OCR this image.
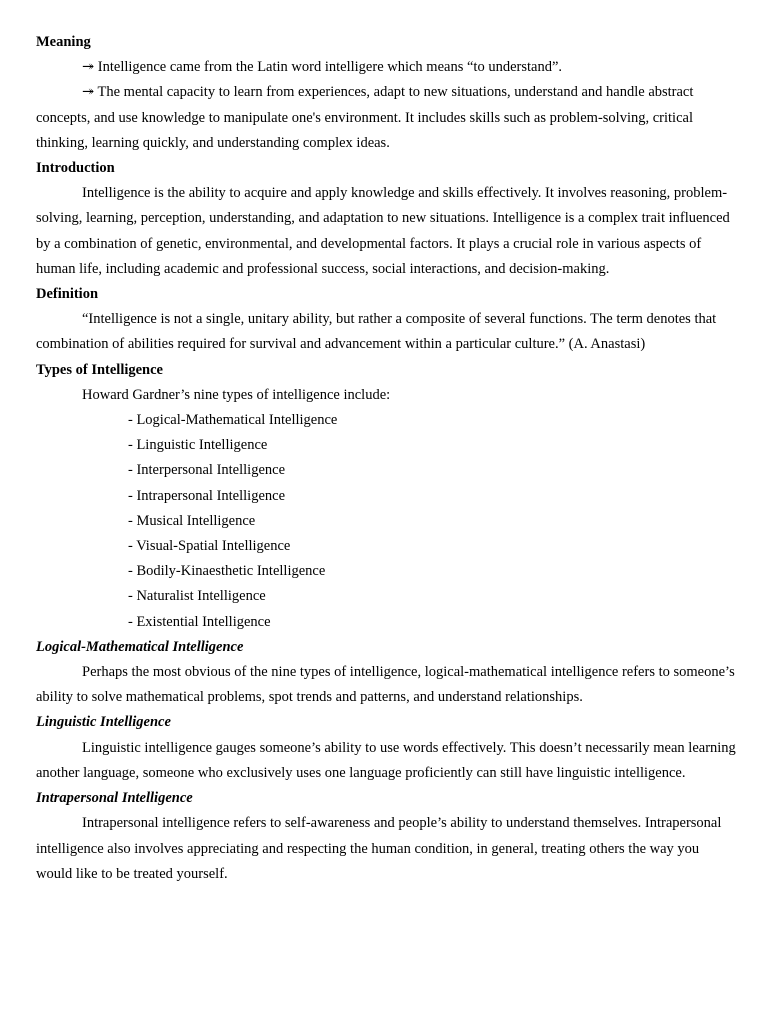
Meaning

↠ Intelligence came from the Latin word intelligere which means “to understand”.

↠ The mental capacity to learn from experiences, adapt to new situations, understand and handle abstract concepts, and use knowledge to manipulate one's environment. It includes skills such as problem-solving, critical thinking, learning quickly, and understanding complex ideas.

Introduction

Intelligence is the ability to acquire and apply knowledge and skills effectively. It involves reasoning, problem-solving, learning, perception, understanding, and adaptation to new situations. Intelligence is a complex trait influenced by a combination of genetic, environmental, and developmental factors. It plays a crucial role in various aspects of human life, including academic and professional success, social interactions, and decision-making.

Definition

“Intelligence is not a single, unitary ability, but rather a composite of several functions. The term denotes that combination of abilities required for survival and advancement within a particular culture.” (A. Anastasi)

Types of Intelligence

Howard Gardner’s nine types of intelligence include:

- Logical-Mathematical Intelligence
- Linguistic Intelligence
- Interpersonal Intelligence
- Intrapersonal Intelligence
- Musical Intelligence
- Visual-Spatial Intelligence
- Bodily-Kinaesthetic Intelligence
- Naturalist Intelligence
- Existential Intelligence
Logical-Mathematical Intelligence

Perhaps the most obvious of the nine types of intelligence, logical-mathematical intelligence refers to someone’s ability to solve mathematical problems, spot trends and patterns, and understand relationships.

Linguistic Intelligence

Linguistic intelligence gauges someone’s ability to use words effectively. This doesn’t necessarily mean learning another language, someone who exclusively uses one language proficiently can still have linguistic intelligence.

Intrapersonal Intelligence

Intrapersonal intelligence refers to self-awareness and people’s ability to understand themselves. Intrapersonal intelligence also involves appreciating and respecting the human condition, in general, treating others the way you would like to be treated yourself.
